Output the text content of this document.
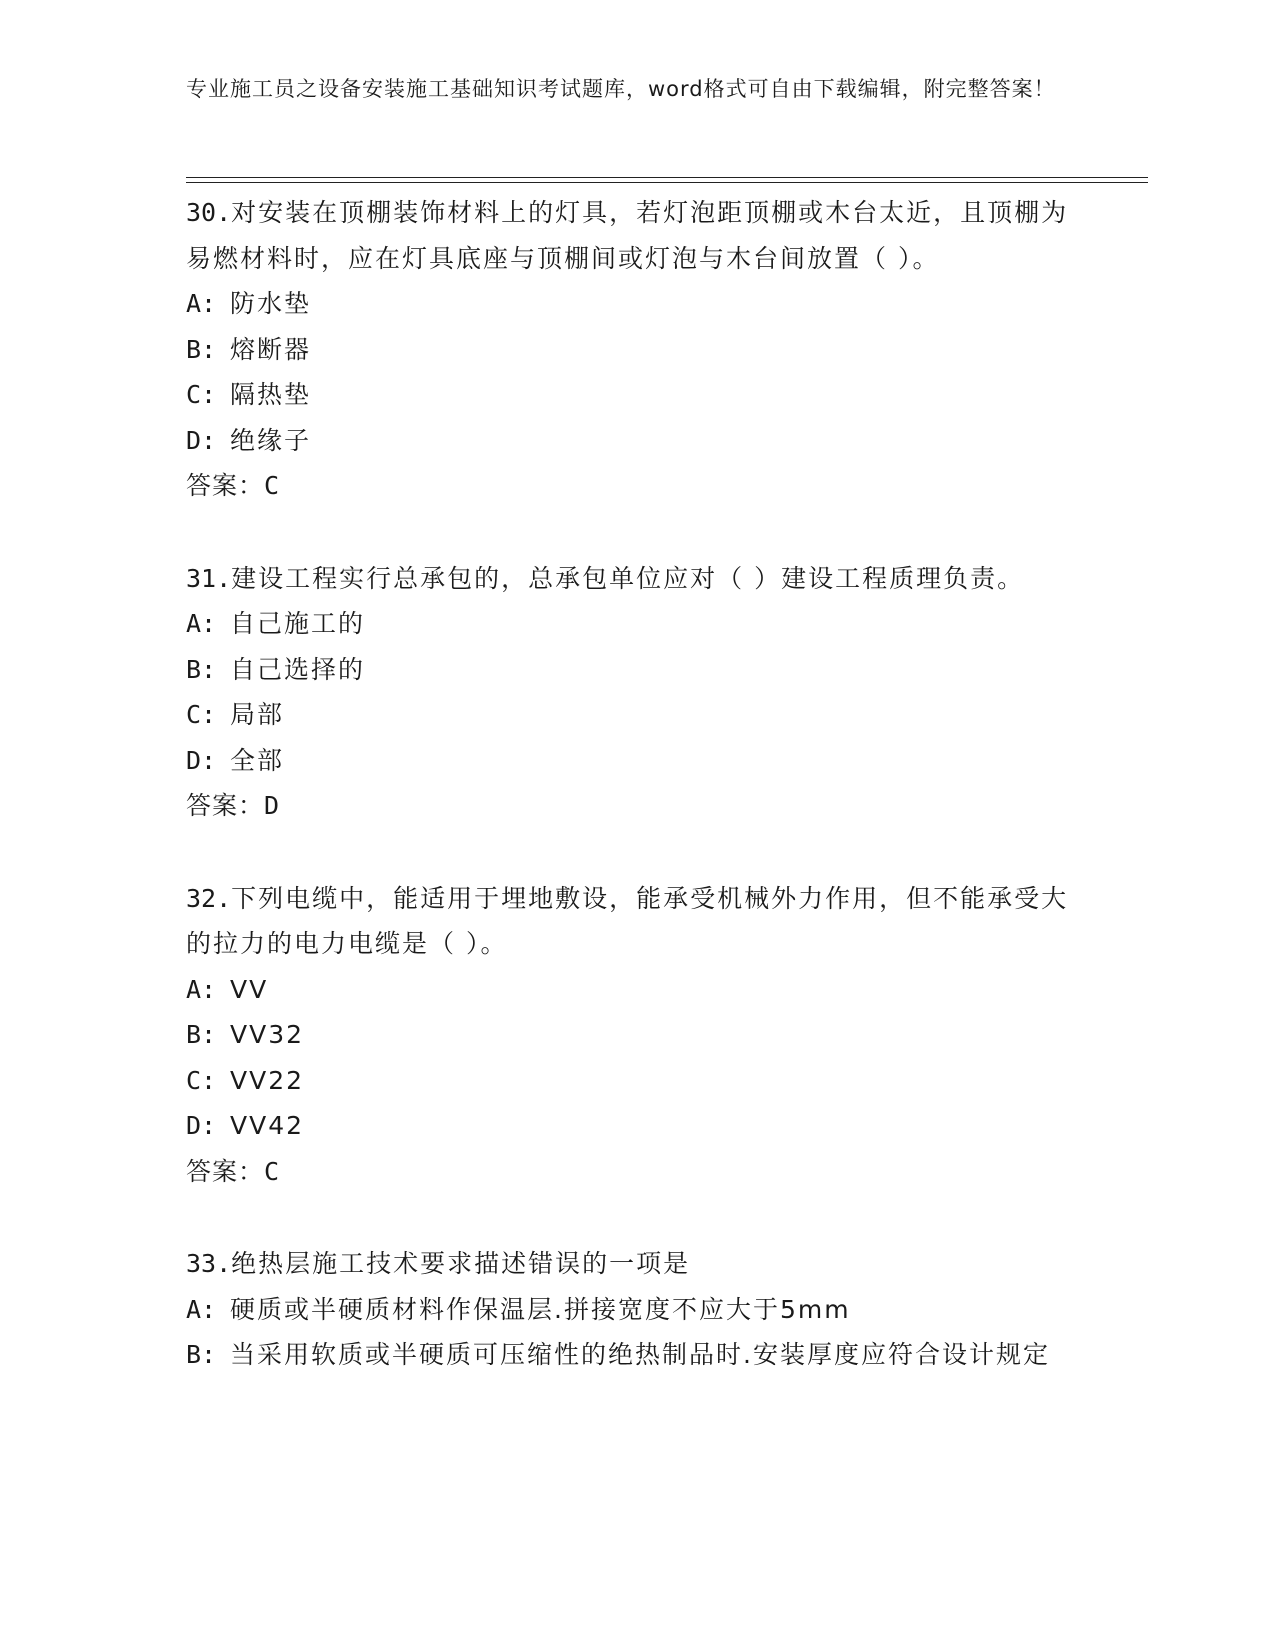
专业施工员之设备安装施工基础知识考试题库，word格式可自由下载编辑，附完整答案！
30.对安装在顶棚装饰材料上的灯具，若灯泡距顶棚或木台太近，且顶棚为易燃材料时，应在灯具底座与顶棚间或灯泡与木台间放置（ ）。
A: 防水垫
B: 熔断器
C: 隔热垫
D: 绝缘子
答案：C
31.建设工程实行总承包的，总承包单位应对（ ）建设工程质理负责。
A: 自己施工的
B: 自己选择的
C: 局部
D: 全部
答案：D
32.下列电缆中，能适用于埋地敷设，能承受机械外力作用，但不能承受大的拉力的电力电缆是（ ）。
A: VV
B: VV32
C: VV22
D: VV42
答案：C
33.绝热层施工技术要求描述错误的一项是
A: 硬质或半硬质材料作保温层.拼接宽度不应大于5mm
B: 当采用软质或半硬质可压缩性的绝热制品时.安装厚度应符合设计规定
